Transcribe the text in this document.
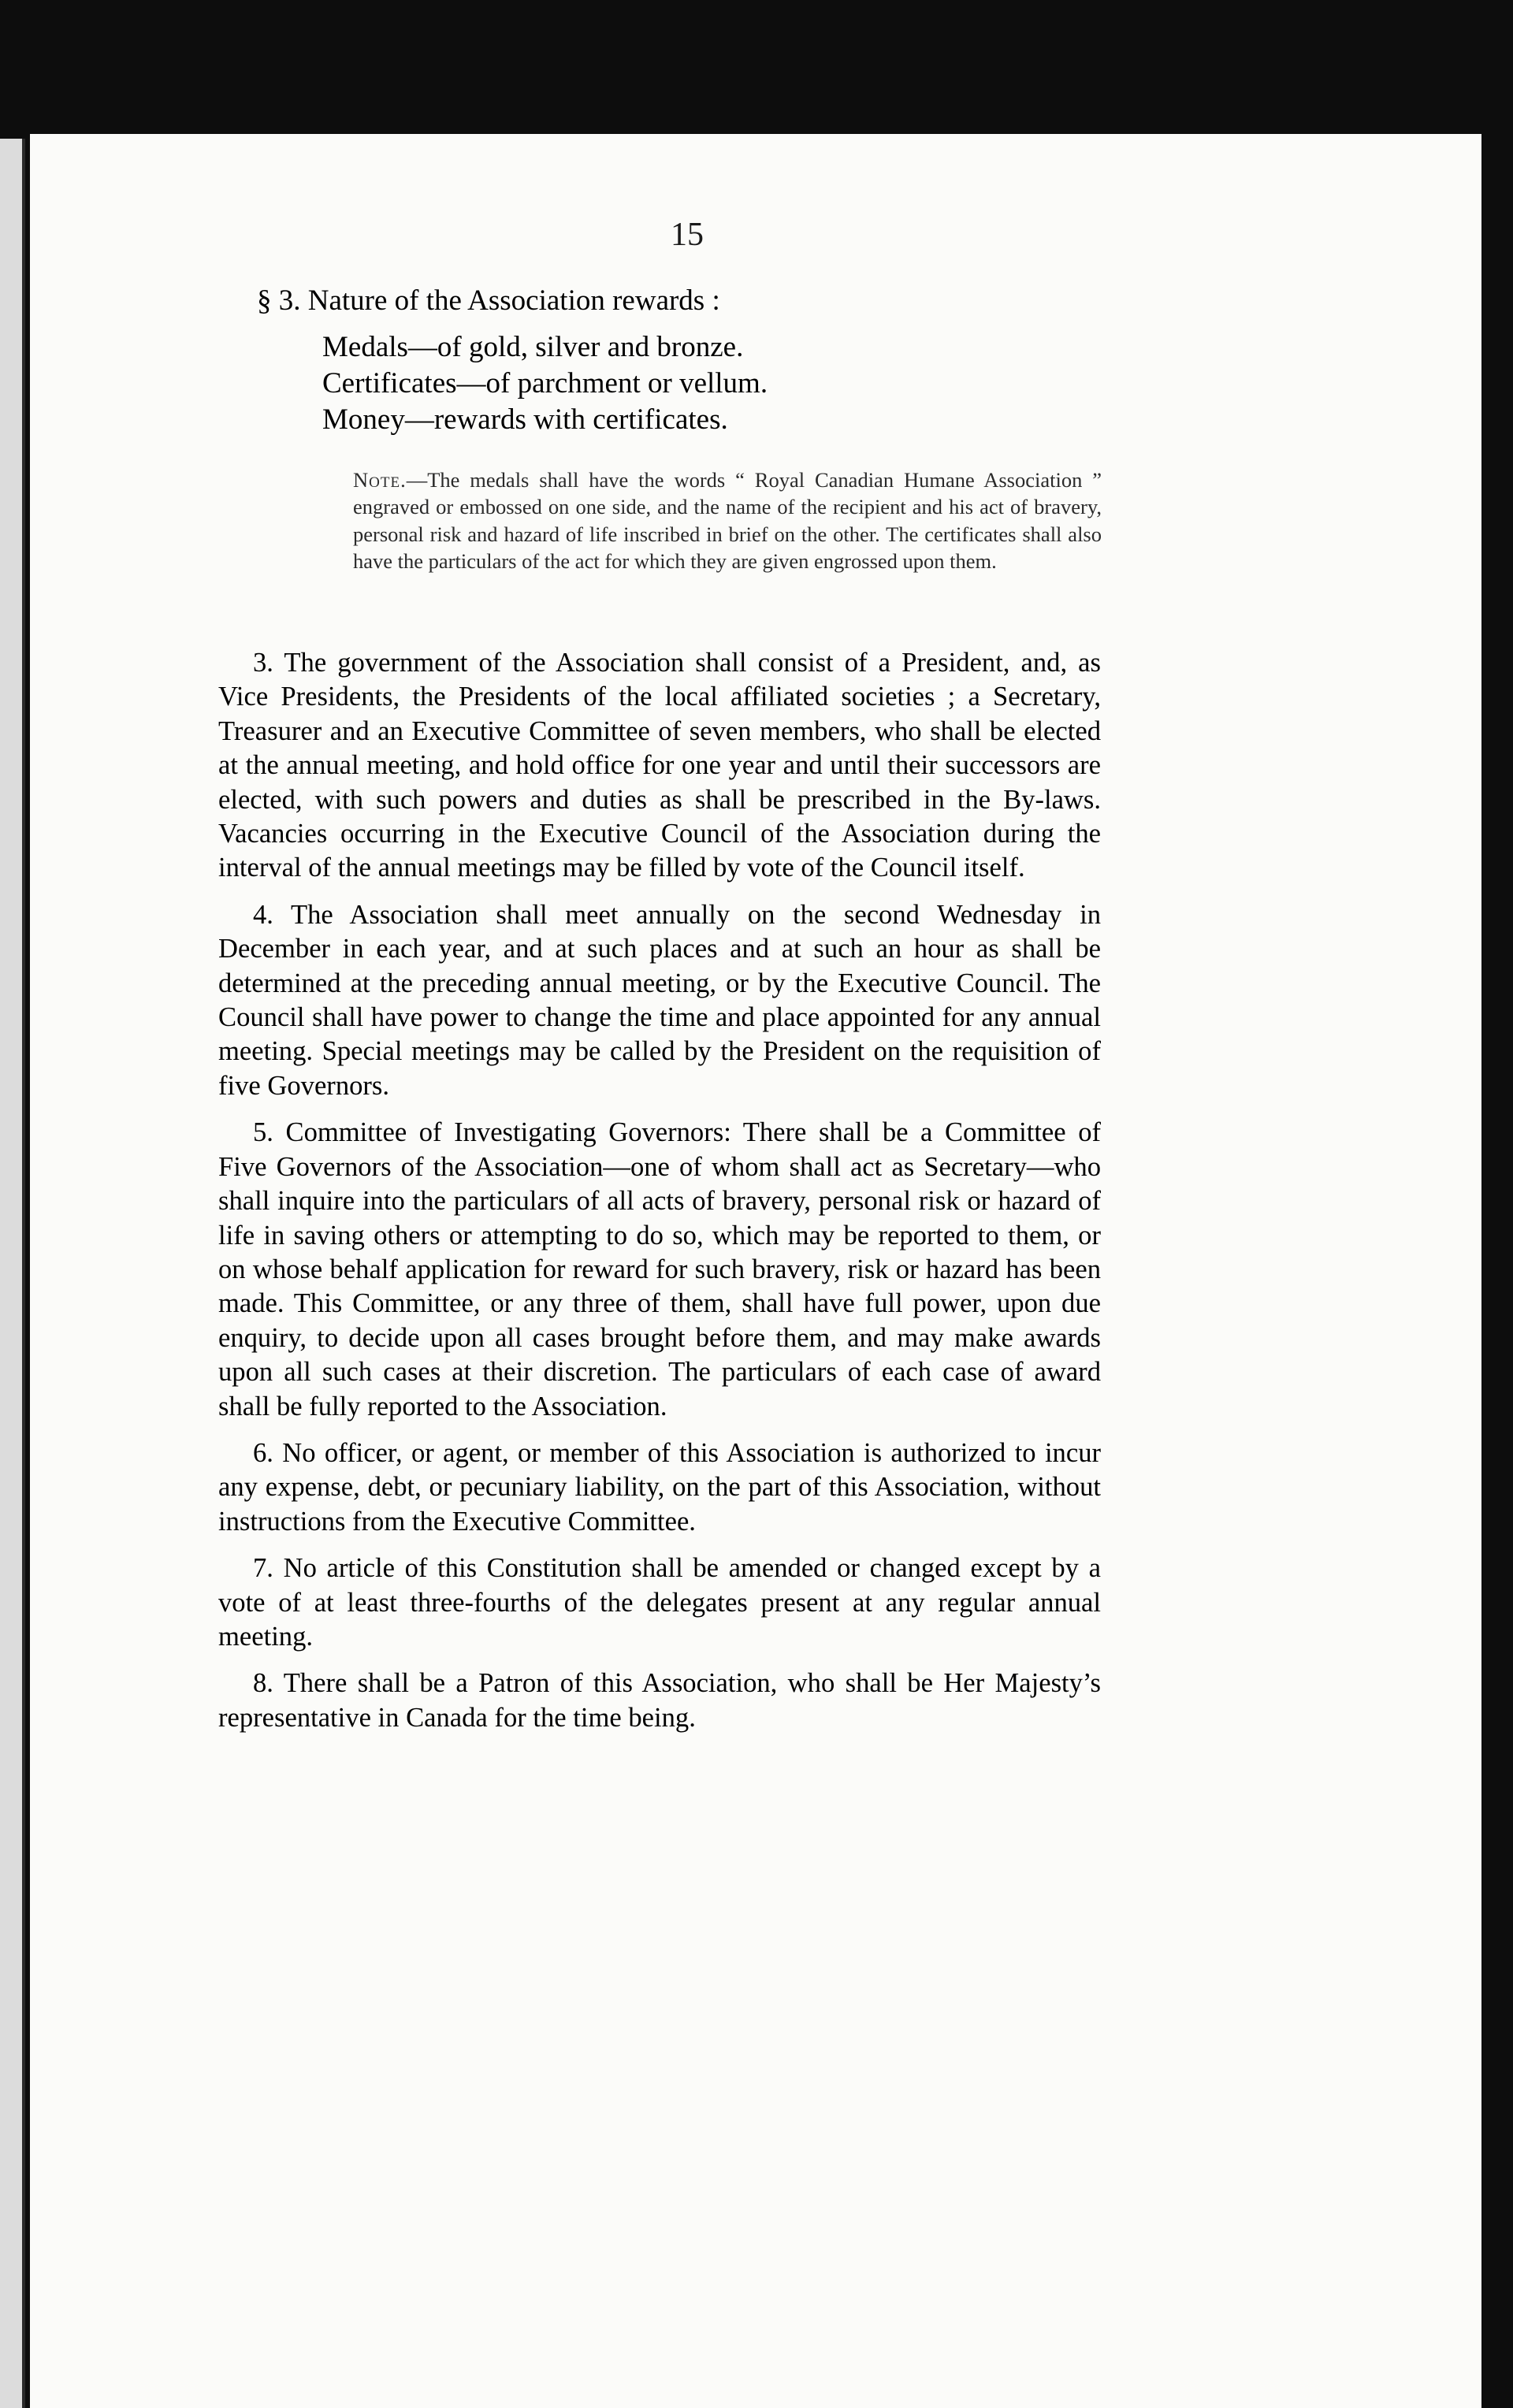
15
§ 3. Nature of the Association rewards :
Medals—of gold, silver and bronze.
Certificates—of parchment or vellum.
Money—rewards with certificates.
Note.—The medals shall have the words “ Royal Canadian Humane Association ” engraved or embossed on one side, and the name of the recipient and his act of bravery, personal risk and hazard of life inscribed in brief on the other. The certificates shall also have the particulars of the act for which they are given engrossed upon them.

3. The government of the Association shall consist of a President, and, as Vice Presidents, the Presidents of the local affiliated societies ; a Secretary, Treasurer and an Executive Committee of seven members, who shall be elected at the annual meeting, and hold office for one year and until their successors are elected, with such powers and duties as shall be prescribed in the By-laws. Vacancies occurring in the Executive Council of the Association during the interval of the annual meetings may be filled by vote of the Council itself.

4. The Association shall meet annually on the second Wednesday in December in each year, and at such places and at such an hour as shall be determined at the preceding annual meeting, or by the Executive Council. The Council shall have power to change the time and place appointed for any annual meeting. Special meetings may be called by the President on the requisition of five Governors.

5. Committee of Investigating Governors: There shall be a Committee of Five Governors of the Association—one of whom shall act as Secretary—who shall inquire into the particulars of all acts of bravery, personal risk or hazard of life in saving others or attempting to do so, which may be reported to them, or on whose behalf application for reward for such bravery, risk or hazard has been made. This Committee, or any three of them, shall have full power, upon due enquiry, to decide upon all cases brought before them, and may make awards upon all such cases at their discretion. The particulars of each case of award shall be fully reported to the Association.

6. No officer, or agent, or member of this Association is authorized to incur any expense, debt, or pecuniary liability, on the part of this Association, without instructions from the Executive Committee.

7. No article of this Constitution shall be amended or changed except by a vote of at least three-fourths of the delegates present at any regular annual meeting.

8. There shall be a Patron of this Association, who shall be Her Majesty’s representative in Canada for the time being.
